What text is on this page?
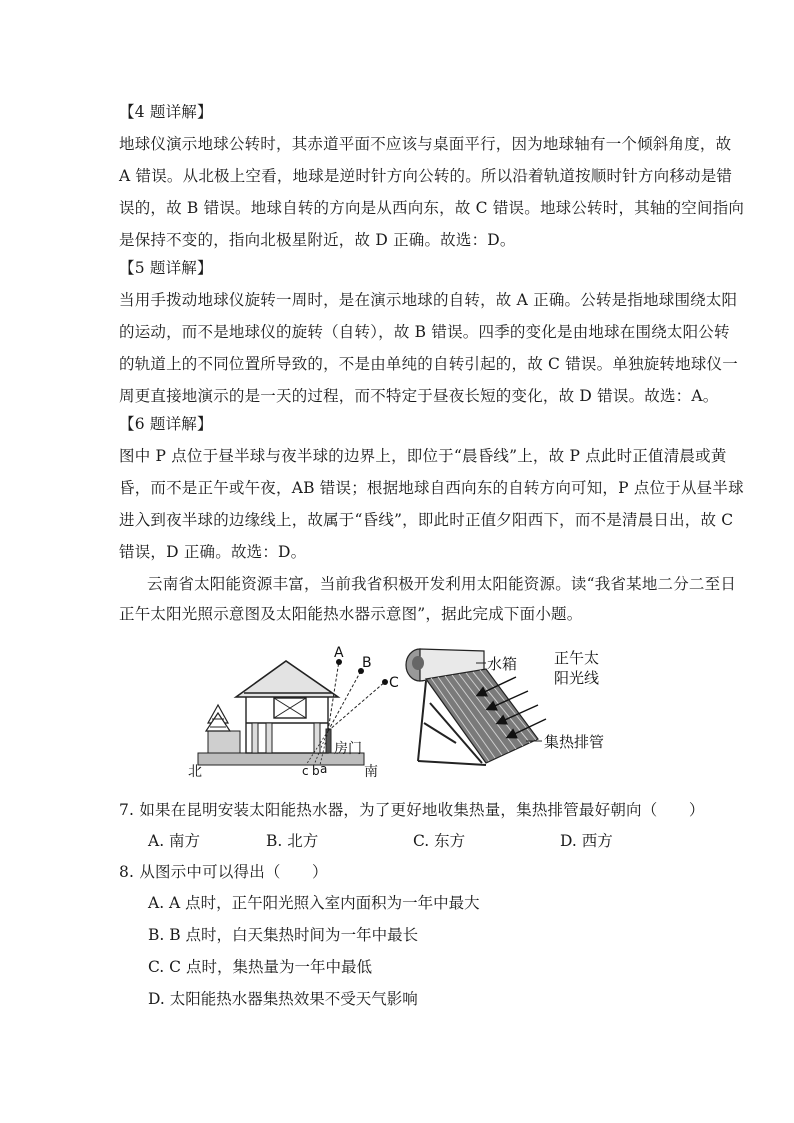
【4 题详解】
地球仪演示地球公转时，其赤道平面不应该与桌面平行，因为地球轴有一个倾斜角度，故
A 错误。从北极上空看，地球是逆时针方向公转的。所以沿着轨道按顺时针方向移动是错
误的，故 B 错误。地球自转的方向是从西向东，故 C 错误。地球公转时，其轴的空间指向
是保持不变的，指向北极星附近，故 D 正确。故选：D。
【5 题详解】
当用手拨动地球仪旋转一周时，是在演示地球的自转，故 A 正确。公转是指地球围绕太阳
的运动，而不是地球仪的旋转（自转），故 B 错误。四季的变化是由地球在围绕太阳公转
的轨道上的不同位置所导致的，不是由单纯的自转引起的，故 C 错误。单独旋转地球仪一
周更直接地演示的是一天的过程，而不特定于昼夜长短的变化，故 D 错误。故选：A。
【6 题详解】
图中 P 点位于昼半球与夜半球的边界上，即位于“晨昏线”上，故 P 点此时正值清晨或黄
昏，而不是正午或午夜，AB 错误；根据地球自西向东的自转方向可知，P 点位于从昼半球
进入到夜半球的边缘线上，故属于“昏线”，即此时正值夕阳西下，而不是清晨日出，故 C
错误，D 正确。故选：D。
云南省太阳能资源丰富，当前我省积极开发利用太阳能资源。读“我省某地二分二至日
正午太阳光照示意图及太阳能热水器示意图”，据此完成下面小题。
A
B
C
房门
北	南
c b a
水箱 正午太
阳光线
集热排管
7. 如果在昆明安装太阳能热水器，为了更好地收集热量，集热排管最好朝向（　　）
A. 南方	B. 北方	C. 东方	D. 西方
8. 从图示中可以得出（　　）
A. A 点时，正午阳光照入室内面积为一年中最大
B. B 点时，白天集热时间为一年中最长
C. C 点时，集热量为一年中最低
D. 太阳能热水器集热效果不受天气影响
